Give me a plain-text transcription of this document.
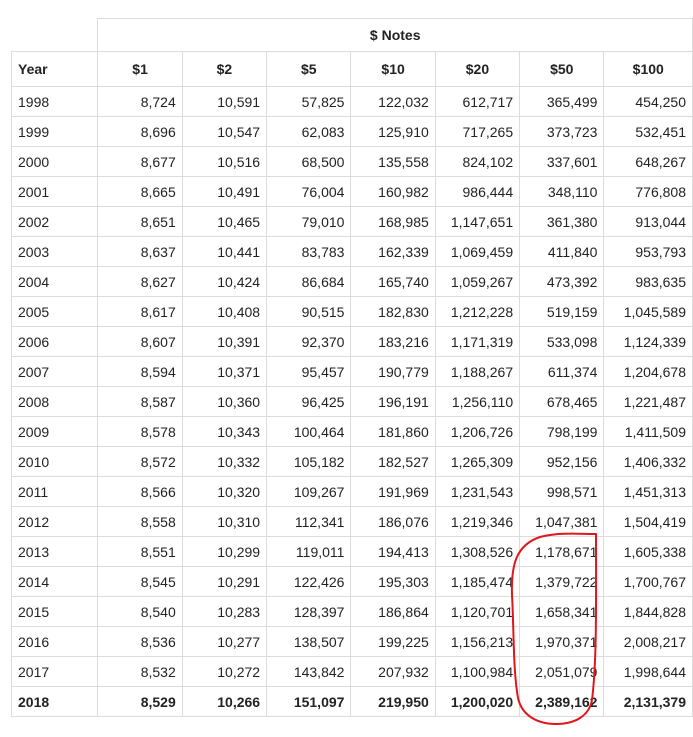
	$ Notes						
Year	$1	$2	$5	$10	$20	$50	$100
1998	8,724	10,591	57,825	122,032	612,717	365,499	454,250
1999	8,696	10,547	62,083	125,910	717,265	373,723	532,451
2000	8,677	10,516	68,500	135,558	824,102	337,601	648,267
2001	8,665	10,491	76,004	160,982	986,444	348,110	776,808
2002	8,651	10,465	79,010	168,985	1,147,651	361,380	913,044
2003	8,637	10,441	83,783	162,339	1,069,459	411,840	953,793
2004	8,627	10,424	86,684	165,740	1,059,267	473,392	983,635
2005	8,617	10,408	90,515	182,830	1,212,228	519,159	1,045,589
2006	8,607	10,391	92,370	183,216	1,171,319	533,098	1,124,339
2007	8,594	10,371	95,457	190,779	1,188,267	611,374	1,204,678
2008	8,587	10,360	96,425	196,191	1,256,110	678,465	1,221,487
2009	8,578	10,343	100,464	181,860	1,206,726	798,199	1,411,509
2010	8,572	10,332	105,182	182,527	1,265,309	952,156	1,406,332
2011	8,566	10,320	109,267	191,969	1,231,543	998,571	1,451,313
2012	8,558	10,310	112,341	186,076	1,219,346	1,047,381	1,504,419
2013	8,551	10,299	119,011	194,413	1,308,526	1,178,671	1,605,338
2014	8,545	10,291	122,426	195,303	1,185,474	1,379,722	1,700,767
2015	8,540	10,283	128,397	186,864	1,120,701	1,658,341	1,844,828
2016	8,536	10,277	138,507	199,225	1,156,213	1,970,371	2,008,217
2017	8,532	10,272	143,842	207,932	1,100,984	2,051,079	1,998,644
2018	8,529	10,266	151,097	219,950	1,200,020	2,389,162	2,131,379
